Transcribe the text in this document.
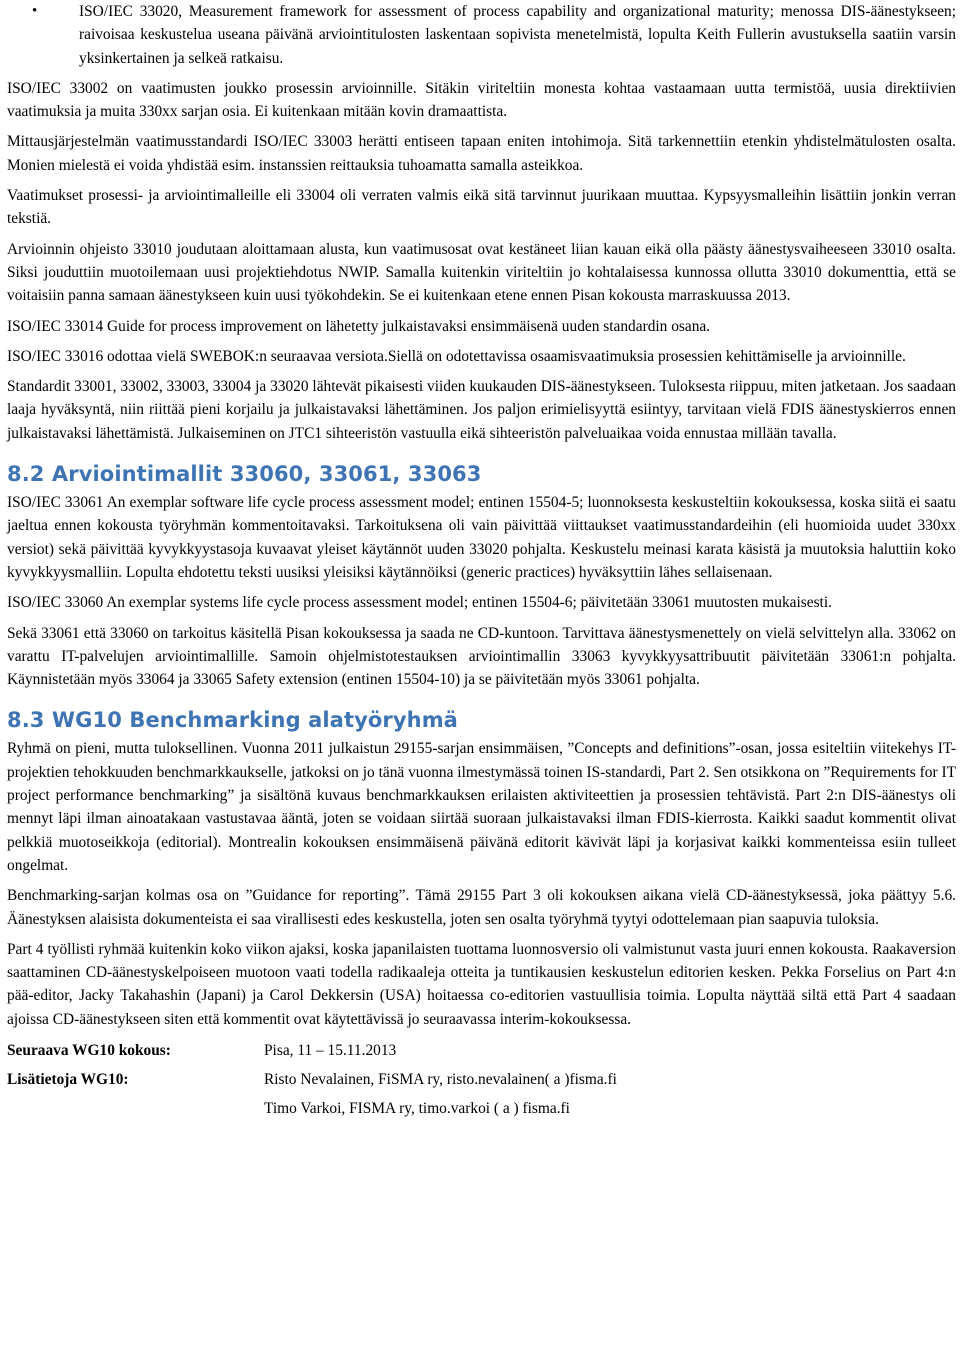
•	ISO/IEC 33020, Measurement framework for assessment of process capability and organizational maturity; menossa DIS-äänestykseen; raivoisaa keskustelua useana päivänä arviointitulosten laskentaan sopivista menetelmistä, lopulta Keith Fullerin avustuksella saatiin varsin yksinkertainen ja selkeä ratkaisu.

ISO/IEC 33002 on vaatimusten joukko prosessin arvioinnille. Sitäkin viriteltiin monesta kohtaa vastaamaan uutta termistöä, uusia direktiivien vaatimuksia ja muita 330xx sarjan osia. Ei kuitenkaan mitään kovin dramaattista.

Mittausjärjestelmän vaatimusstandardi ISO/IEC 33003 herätti entiseen tapaan eniten intohimoja. Sitä tarkennettiin etenkin yhdistelmätulosten osalta. Monien mielestä ei voida yhdistää esim. instanssien reittauksia tuhoamatta samalla asteikkoa.

Vaatimukset prosessi- ja arviointimalleille eli 33004 oli verraten valmis eikä sitä tarvinnut juurikaan muuttaa. Kypsyysmalleihin lisättiin jonkin verran tekstiä.

Arvioinnin ohjeisto 33010 joudutaan aloittamaan alusta, kun vaatimusosat ovat kestäneet liian kauan eikä olla päästy äänestysvaiheeseen 33010 osalta. Siksi jouduttiin muotoilemaan uusi projektiehdotus NWIP. Samalla kuitenkin viriteltiin jo kohtalaisessa kunnossa ollutta 33010 dokumenttia, että se voitaisiin panna samaan äänestykseen kuin uusi työkohdekin. Se ei kuitenkaan etene ennen Pisan kokousta marraskuussa 2013.

ISO/IEC 33014 Guide for process improvement on lähetetty julkaistavaksi ensimmäisenä uuden standardin osana.

ISO/IEC 33016 odottaa vielä SWEBOK:n seuraavaa versiota.Siellä on odotettavissa osaamisvaatimuksia prosessien kehittämiselle ja arvioinnille.

Standardit 33001, 33002, 33003, 33004 ja 33020 lähtevät pikaisesti viiden kuukauden DIS-äänestykseen. Tuloksesta riippuu, miten jatketaan. Jos saadaan laaja hyväksyntä, niin riittää pieni korjailu ja julkaistavaksi lähettäminen. Jos paljon erimielisyyttä esiintyy, tarvitaan vielä FDIS äänestyskierros ennen julkaistavaksi lähettämistä. Julkaiseminen on JTC1 sihteeristön vastuulla eikä sihteeristön palveluaikaa voida ennustaa millään tavalla.

8.2 Arviointimallit 33060, 33061, 33063

ISO/IEC 33061 An exemplar software life cycle process assessment model; entinen 15504-5; luonnoksesta keskusteltiin kokouksessa, koska siitä ei saatu jaeltua ennen kokousta työryhmän kommentoitavaksi. Tarkoituksena oli vain päivittää viittaukset vaatimusstandardeihin (eli huomioida uudet 330xx versiot) sekä päivittää kyvykkyystasoja kuvaavat yleiset käytännöt uuden 33020 pohjalta. Keskustelu meinasi karata käsistä ja muutoksia haluttiin koko kyvykkyysmalliin. Lopulta ehdotettu teksti uusiksi yleisiksi käytännöiksi (generic practices) hyväksyttiin lähes sellaisenaan.

ISO/IEC 33060 An exemplar systems life cycle process assessment model; entinen 15504-6; päivitetään 33061 muutosten mukaisesti.

Sekä 33061 että 33060 on tarkoitus käsitellä Pisan kokouksessa ja saada ne CD-kuntoon. Tarvittava äänestysmenettely on vielä selvittelyn alla. 33062 on varattu IT-palvelujen arviointimallille. Samoin ohjelmistotestauksen arviointimallin 33063 kyvykkyysattribuutit päivitetään 33061:n pohjalta. Käynnistetään myös 33064 ja 33065 Safety extension (entinen 15504-10) ja se päivitetään myös 33061 pohjalta.

8.3 WG10 Benchmarking alatyöryhmä

Ryhmä on pieni, mutta tuloksellinen. Vuonna 2011 julkaistun 29155-sarjan ensimmäisen, ”Concepts and definitions”-osan, jossa esiteltiin viitekehys IT-projektien tehokkuuden benchmarkkaukselle, jatkoksi on jo tänä vuonna ilmestymässä toinen IS-standardi, Part 2. Sen otsikkona on ”Requirements for IT project performance benchmarking” ja sisältönä kuvaus benchmarkkauksen erilaisten aktiviteettien ja prosessien tehtävistä. Part 2:n DIS-äänestys oli mennyt läpi ilman ainoatakaan vastustavaa ääntä, joten se voidaan siirtää suoraan julkaistavaksi ilman FDIS-kierrosta. Kaikki saadut kommentit olivat pelkkiä muotoseikkoja (editorial). Montrealin kokouksen ensimmäisenä päivänä editorit kävivät läpi ja korjasivat kaikki kommenteissa esiin tulleet ongelmat.

Benchmarking-sarjan kolmas osa on ”Guidance for reporting”. Tämä 29155 Part 3 oli kokouksen aikana vielä CD-äänestyksessä, joka päättyy 5.6. Äänestyksen alaisista dokumenteista ei saa virallisesti edes keskustella, joten sen osalta työryhmä tyytyi odottelemaan pian saapuvia tuloksia.

Part 4 työllisti ryhmää kuitenkin koko viikon ajaksi, koska japanilaisten tuottama luonnosversio oli valmistunut vasta juuri ennen kokousta. Raakaversion saattaminen CD-äänestyskelpoiseen muotoon vaati todella radikaaleja otteita ja tuntikausien keskustelun editorien kesken. Pekka Forselius on Part 4:n pää-editor, Jacky Takahashin (Japani) ja Carol Dekkersin (USA) hoitaessa co-editorien vastuullisia toimia. Lopulta näyttää siltä että Part 4 saadaan ajoissa CD-äänestykseen siten että kommentit ovat käytettävissä jo seuraavassa interim-kokouksessa.

Seuraava WG10 kokous:	Pisa, 11 – 15.11.2013
Lisätietoja WG10:	Risto Nevalainen, FiSMA ry, risto.nevalainen( a )fisma.fi
Timo Varkoi, FISMA ry, timo.varkoi ( a ) fisma.fi
